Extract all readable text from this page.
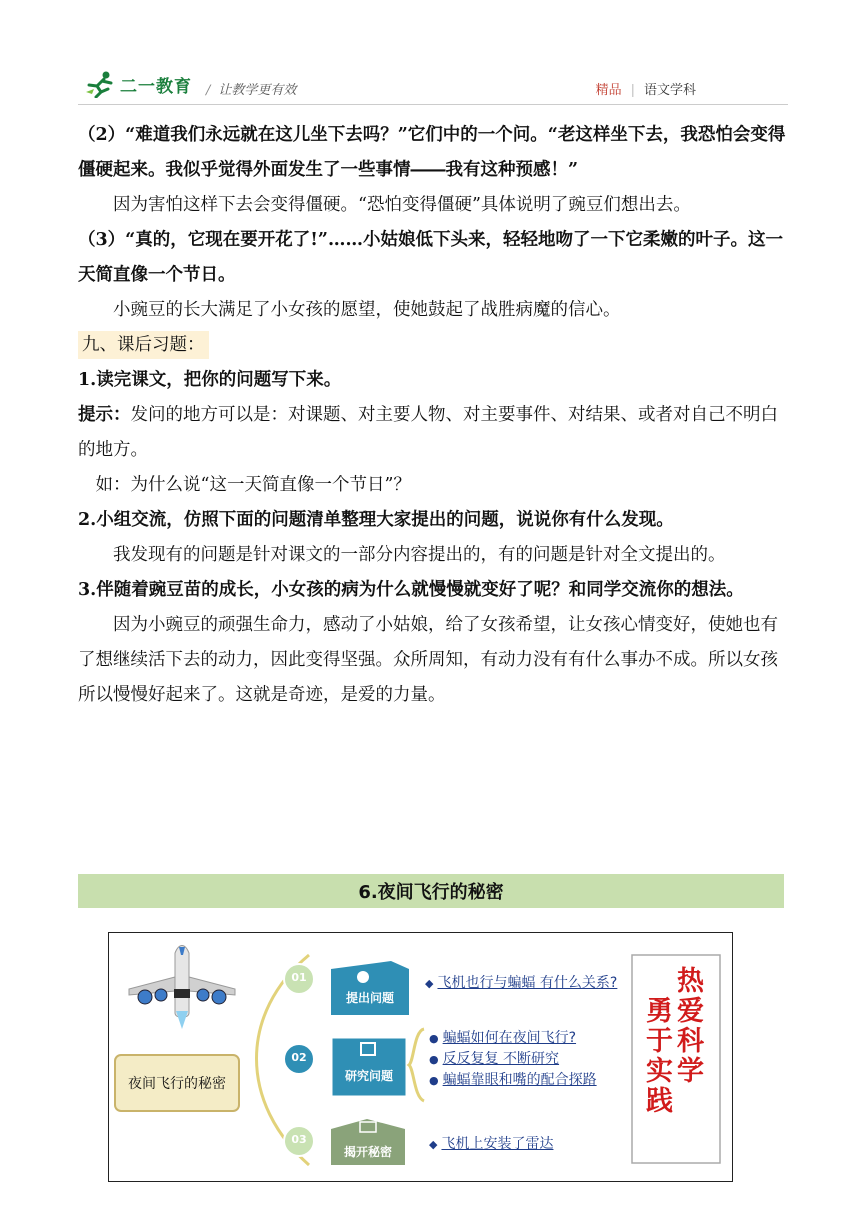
二一教育 / 让教学更有效	精品 | 语文学科

（2）“难道我们永远就在这儿坐下去吗？”它们中的一个问。“老这样坐下去，我恐怕会变得僵硬起来。我似乎觉得外面发生了一些事情――我有这种预感！”

因为害怕这样下去会变得僵硬。“恐怕变得僵硬”具体说明了豌豆们想出去。

（3）“真的，它现在要开花了!”……小姑娘低下头来，轻轻地吻了一下它柔嫩的叶子。这一天简直像一个节日。

小豌豆的长大满足了小女孩的愿望，使她鼓起了战胜病魔的信心。

九、课后习题：

1.读完课文，把你的问题写下来。

提示：发问的地方可以是：对课题、对主要人物、对主要事件、对结果、或者对自己不明白的地方。

如：为什么说“这一天简直像一个节日”？

2.小组交流，仿照下面的问题清单整理大家提出的问题，说说你有什么发现。

我发现有的问题是针对课文的一部分内容提出的，有的问题是针对全文提出的。

3.伴随着豌豆苗的成长，小女孩的病为什么就慢慢就变好了呢？和同学交流你的想法。

因为小豌豆的顽强生命力，感动了小姑娘，给了女孩希望，让女孩心情变好，使她也有了想继续活下去的动力，因此变得坚强。众所周知，有动力没有有什么事办不成。所以女孩所以慢慢好起来了。这就是奇迹，是爱的力量。

6.夜间飞行的秘密
夜间飞行的秘密
01
02
03
提出问题
研究问题
揭开秘密
◆ 飞机也行与蝙蝠 有什么关系?
● 蝙蝠如何在夜间飞行?
● 反反复复 不断研究
● 蝙蝠靠眼和嘴的配合探路
◆ 飞机上安装了雷达
热爱科学
勇于实践
